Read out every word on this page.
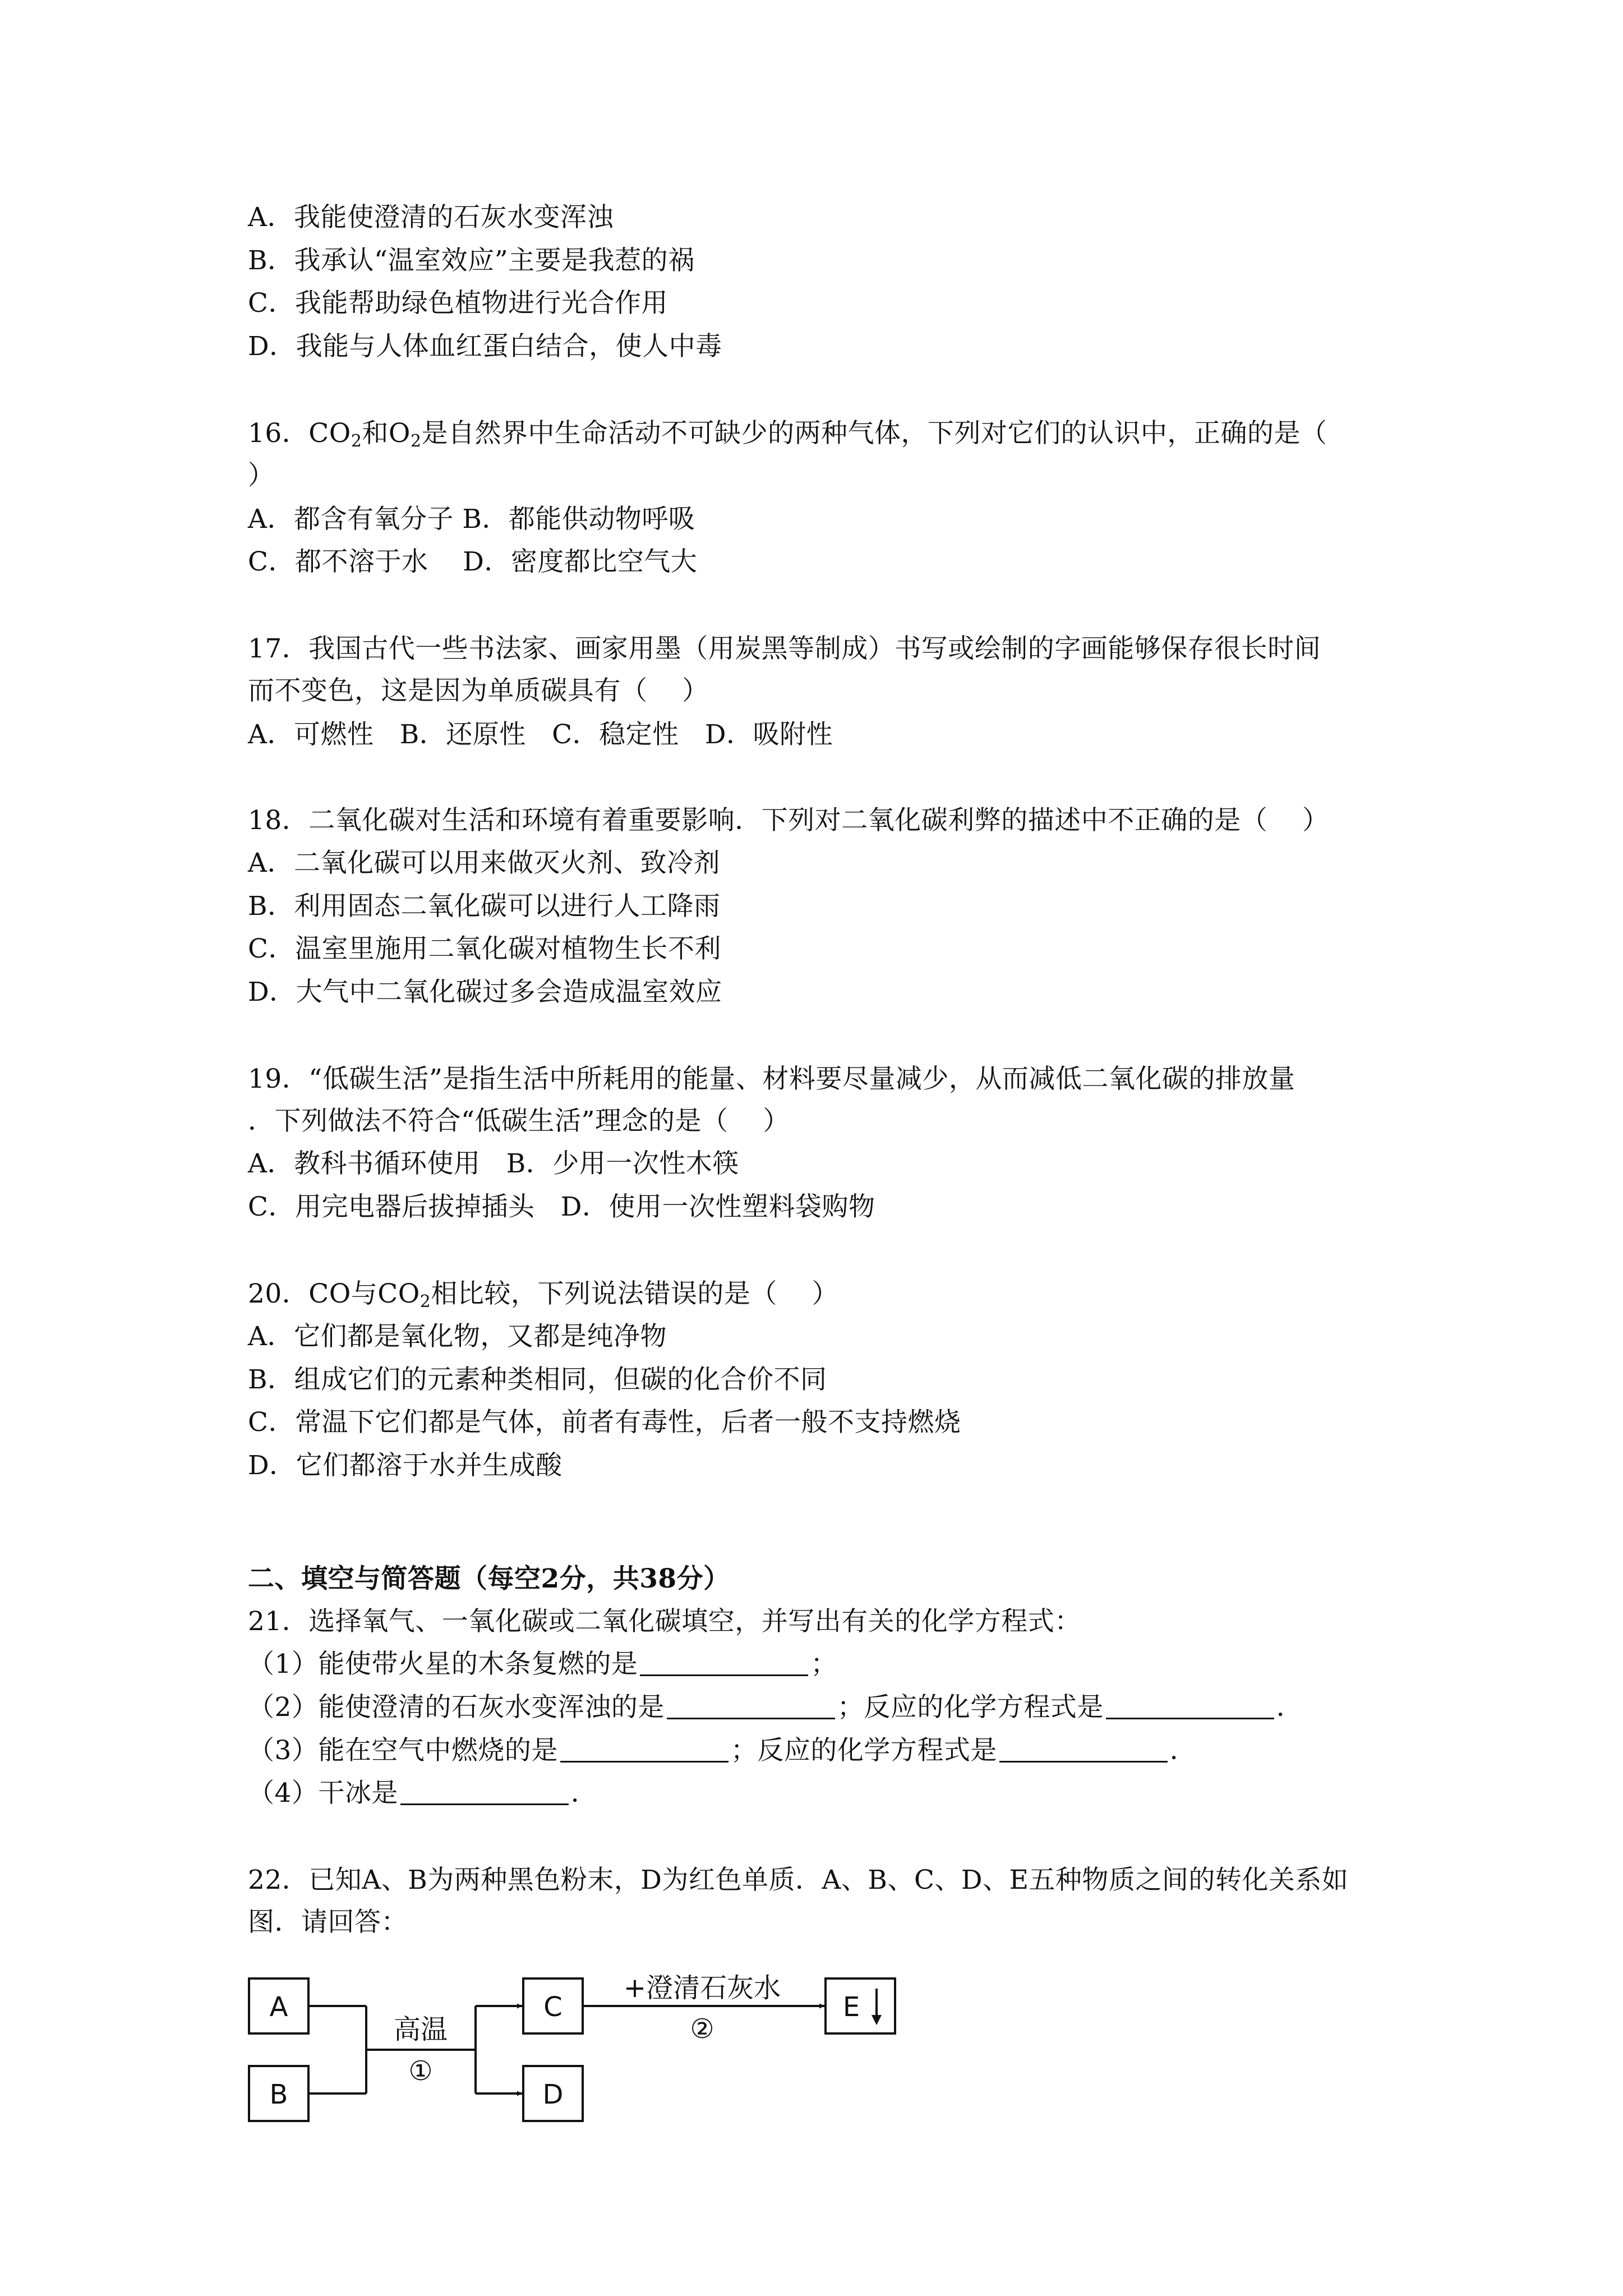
A．我能使澄清的石灰水变浑浊
B．我承认“温室效应”主要是我惹的祸
C．我能帮助绿色植物进行光合作用
D．我能与人体血红蛋白结合，使人中毒
16．$CO_2$和$O_2$是自然界中生命活动不可缺少的两种气体，下列对它们的认识中，正确的是（
）
A．都含有氧分子 B．都能供动物呼吸
C．都不溶于水    D．密度都比空气大
17．我国古代一些书法家、画家用墨（用炭黑等制成）书写或绘制的字画能够保存很长时间
而不变色，这是因为单质碳具有（    ）
A．可燃性   B．还原性   C．稳定性   D．吸附性
18．二氧化碳对生活和环境有着重要影响．下列对二氧化碳利弊的描述中不正确的是（    ）
A．二氧化碳可以用来做灭火剂、致冷剂
B．利用固态二氧化碳可以进行人工降雨
C．温室里施用二氧化碳对植物生长不利
D．大气中二氧化碳过多会造成温室效应
19．“低碳生活”是指生活中所耗用的能量、材料要尽量减少，从而减低二氧化碳的排放量
．下列做法不符合“低碳生活”理念的是（    ）
A．教科书循环使用   B．少用一次性木筷
C．用完电器后拔掉插头   D．使用一次性塑料袋购物
20．CO与$CO_2$相比较，下列说法错误的是（    ）
A．它们都是氧化物，又都是纯净物
B．组成它们的元素种类相同，但碳的化合价不同
C．常温下它们都是气体，前者有毒性，后者一般不支持燃烧
D．它们都溶于水并生成酸
二、填空与简答题（每空2分，共38分）
21．选择氧气、一氧化碳或二氧化碳填空，并写出有关的化学方程式：
（1）能使带火星的木条复燃的是	；
（2）能使澄清的石灰水变浑浊的是	；反应的化学方程式是	．
（3）能在空气中燃烧的是	；反应的化学方程式是	．
（4）干冰是	．
22．已知A、B为两种黑色粉末，D为红色单质．A、B、C、D、E五种物质之间的转化关系如
图．请回答：
A
B
C
D
E
高温
①
+澄清石灰水
②
